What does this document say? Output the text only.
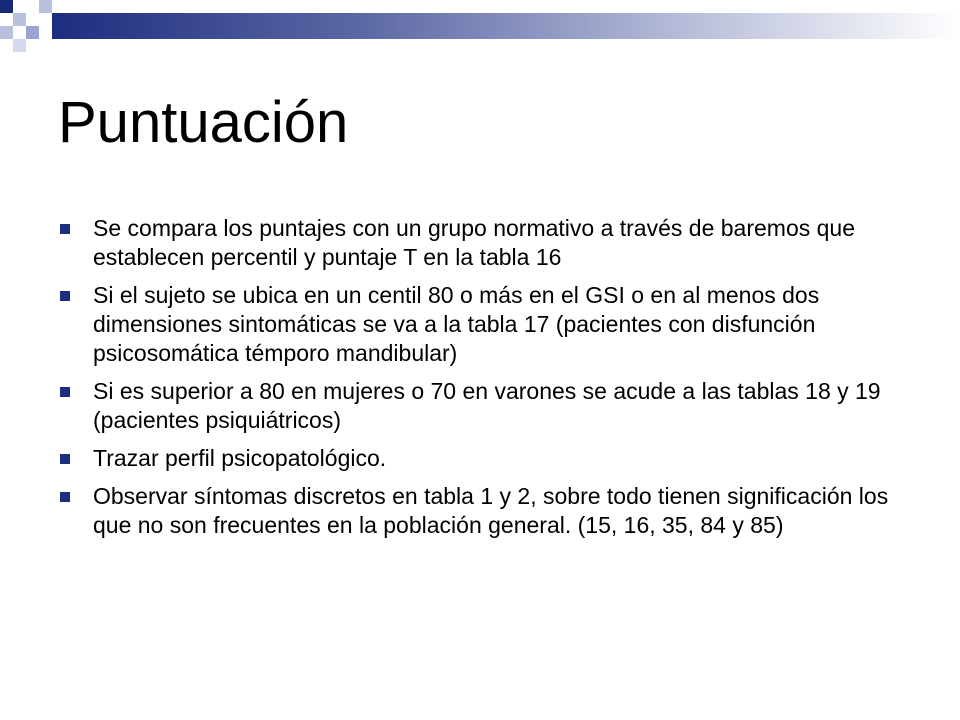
Puntuación
Se compara los puntajes con un grupo normativo a través de baremos que establecen percentil y puntaje T en la tabla 16
Si el sujeto se ubica en un centil 80 o más en el GSI o en al menos dos dimensiones sintomáticas se va a la tabla 17 (pacientes con disfunción psicosomática témporo mandibular)
Si es superior a 80 en mujeres o 70 en varones se acude a las tablas 18 y 19 (pacientes psiquiátricos)
Trazar perfil psicopatológico.
Observar síntomas discretos en tabla 1 y 2, sobre todo tienen significación los que no son frecuentes en la población general. (15, 16, 35, 84 y 85)
